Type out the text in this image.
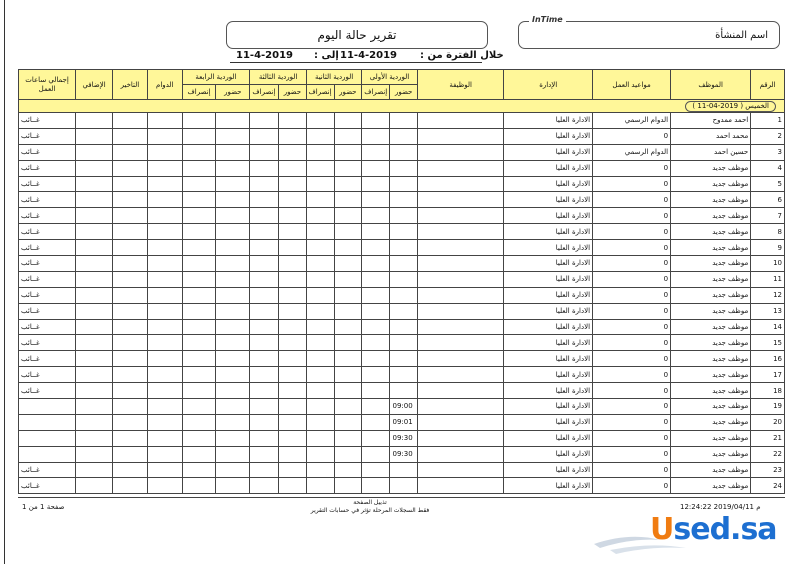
InTime
اسم المنشأة
تقرير حالة اليوم
خلال الفترة من :
11-4-2019
إلى :
11-4-2019
الرقم	الموظف	مواعيد العمل	الإدارة	الوظيفة	الوردية الأولى		الوردية الثانية		الوردية الثالثة		الوردية الرابعة		الدوام	التاخير	الإضافي	إجمالي ساعات العمل
					حضور	إنصراف	حضور	إنصراف	حضور	إنصراف	حضور	إنصراف				
الخميس ( 2019-04-11 )																
1	احمد ممدوح	الدوام الرسمي	الادارة العليا													غــائب
2	محمد احمد	0	الادارة العليا													غــائب
3	حسين احمد	الدوام الرسمي	الادارة العليا													غــائب
4	موظف جديد	0	الادارة العليا													غــائب
5	موظف جديد	0	الادارة العليا													غــائب
6	موظف جديد	0	الادارة العليا													غــائب
7	موظف جديد	0	الادارة العليا													غــائب
8	موظف جديد	0	الادارة العليا													غــائب
9	موظف جديد	0	الادارة العليا													غــائب
10	موظف جديد	0	الادارة العليا													غــائب
11	موظف جديد	0	الادارة العليا													غــائب
12	موظف جديد	0	الادارة العليا													غــائب
13	موظف جديد	0	الادارة العليا													غــائب
14	موظف جديد	0	الادارة العليا													غــائب
15	موظف جديد	0	الادارة العليا													غــائب
16	موظف جديد	0	الادارة العليا													غــائب
17	موظف جديد	0	الادارة العليا													غــائب
18	موظف جديد	0	الادارة العليا													غــائب
19	موظف جديد	0	الادارة العليا		09:00											
20	موظف جديد	0	الادارة العليا		09:01											
21	موظف جديد	0	الادارة العليا		09:30											
22	موظف جديد	0	الادارة العليا		09:30											
23	موظف جديد	0	الادارة العليا													غــائب
24	موظف جديد	0	الادارة العليا													غــائب
12:24:22 2019/04/11 م
تذييل الصفحة
فقط السجلات المرحلة تؤثر في حسابات التقرير
صفحة 1 من 1
Used.sa
